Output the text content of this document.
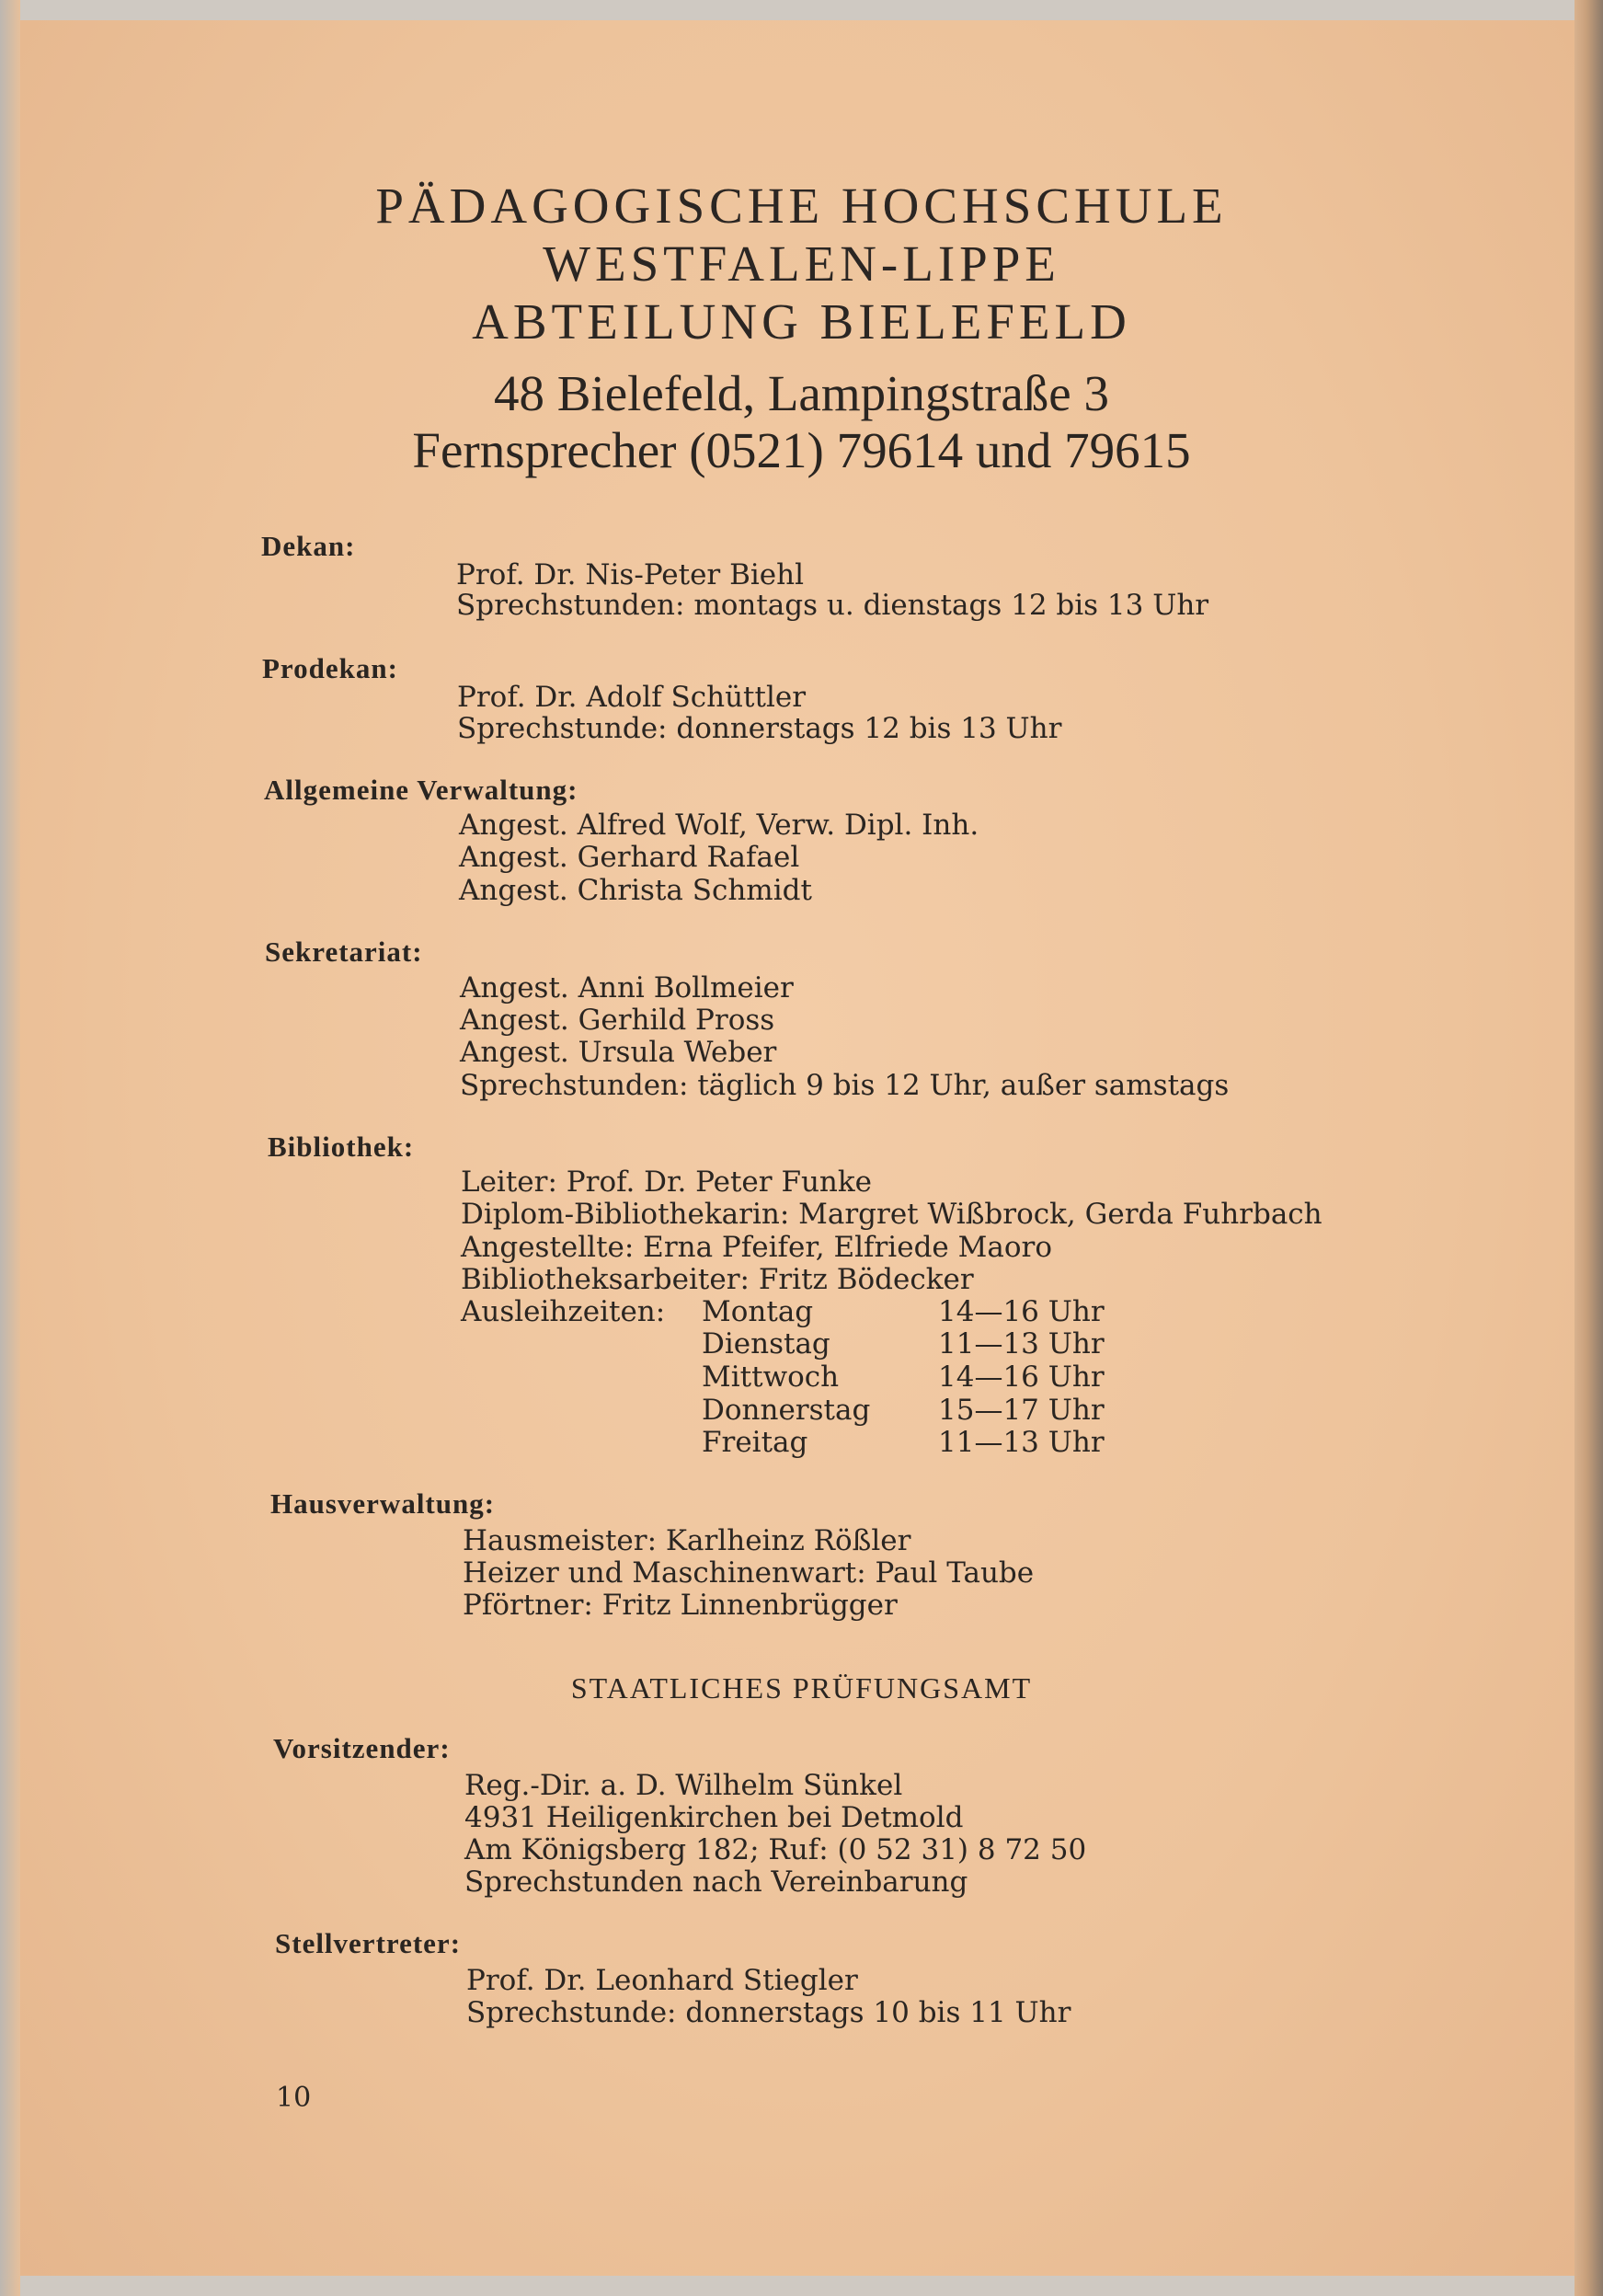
PÄDAGOGISCHE HOCHSCHULE
WESTFALEN-LIPPE
ABTEILUNG BIELEFELD
48 Bielefeld, Lampingstraße 3
Fernsprecher (0521) 79614 und 79615
Dekan:
Prof. Dr. Nis-Peter Biehl
Sprechstunden: montags u. dienstags 12 bis 13 Uhr
Prodekan:
Prof. Dr. Adolf Schüttler
Sprechstunde: donnerstags 12 bis 13 Uhr
Allgemeine Verwaltung:
Angest. Alfred Wolf, Verw. Dipl. Inh.
Angest. Gerhard Rafael
Angest. Christa Schmidt
Sekretariat:
Angest. Anni Bollmeier
Angest. Gerhild Pross
Angest. Ursula Weber
Sprechstunden: täglich 9 bis 12 Uhr, außer samstags
Bibliothek:
Leiter: Prof. Dr. Peter Funke
Diplom-Bibliothekarin: Margret Wißbrock, Gerda Fuhrbach
Angestellte: Erna Pfeifer, Elfriede Maoro
Bibliotheksarbeiter: Fritz Bödecker
Ausleihzeiten: Montag	14—16 Uhr
Dienstag	11—13 Uhr
Mittwoch	14—16 Uhr
Donnerstag 15—17 Uhr
Freitag	11—13 Uhr
Hausverwaltung:
Hausmeister: Karlheinz Rößler
Heizer und Maschinenwart: Paul Taube
Pförtner: Fritz Linnenbrügger
STAATLICHES PRÜFUNGSAMT
Vorsitzender:
Reg.-Dir. a. D. Wilhelm Sünkel
4931 Heiligenkirchen bei Detmold
Am Königsberg 182; Ruf: (0 52 31) 8 72 50
Sprechstunden nach Vereinbarung
Stellvertreter:
Prof. Dr. Leonhard Stiegler
Sprechstunde: donnerstags 10 bis 11 Uhr
10
